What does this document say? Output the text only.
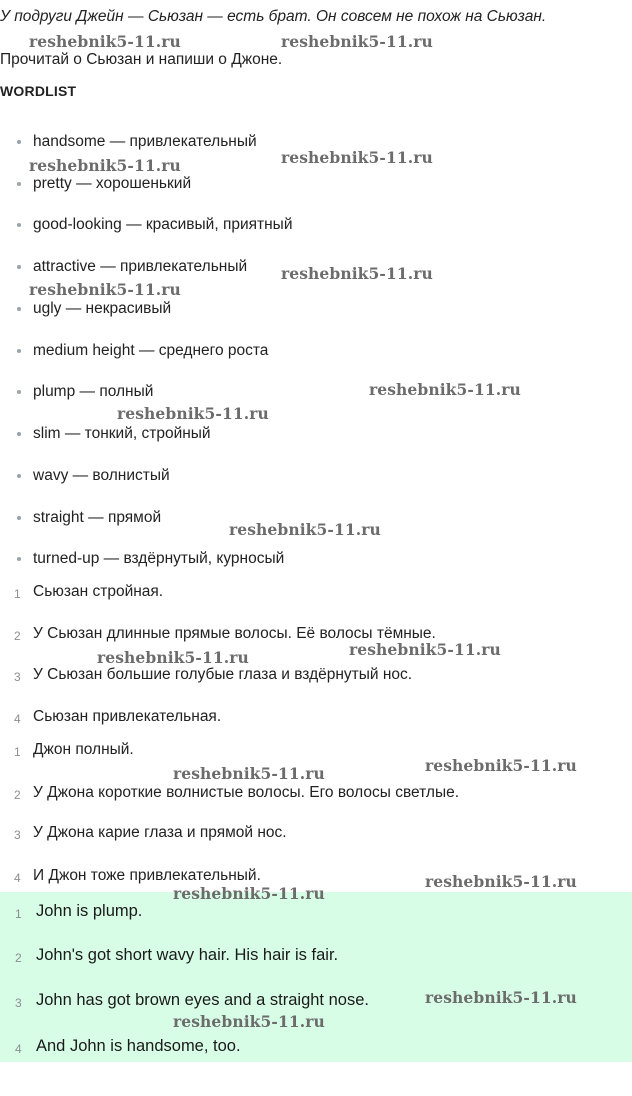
У подруги Джейн — Сьюзан — есть брат. Он совсем не похож на Сьюзан.
Прочитай о Сьюзан и напиши о Джоне.
WORDLIST
handsome — привлекательный
pretty — хорошенький
good-looking — красивый, приятный
attractive — привлекательный
ugly — некрасивый
medium height — среднего роста
plump — полный
slim — тонкий, стройный
wavy — волнистый
straight — прямой
turned-up — вздёрнутый, курносый
1 Сьюзан стройная.
2 У Сьюзан длинные прямые волосы. Её волосы тёмные.
3 У Сьюзан большие голубые глаза и вздёрнутый нос.
4 Сьюзан привлекательная.
1 Джон полный.
2 У Джона короткие волнистые волосы. Его волосы светлые.
3 У Джона карие глаза и прямой нос.
4 И Джон тоже привлекательный.
1 John is plump.
2 John's got short wavy hair. His hair is fair.
3 John has got brown eyes and a straight nose.
4 And John is handsome, too.
reshebnik5-11.ru	reshebnik5-11.ru
reshebnik5-11.ru
reshebnik5-11.ru
reshebnik5-11.ru
reshebnik5-11.ru
reshebnik5-11.ru
reshebnik5-11.ru
reshebnik5-11.ru
reshebnik5-11.ru
reshebnik5-11.ru
reshebnik5-11.ru
reshebnik5-11.ru
reshebnik5-11.ru
reshebnik5-11.ru
reshebnik5-11.ru
reshebnik5-11.ru
